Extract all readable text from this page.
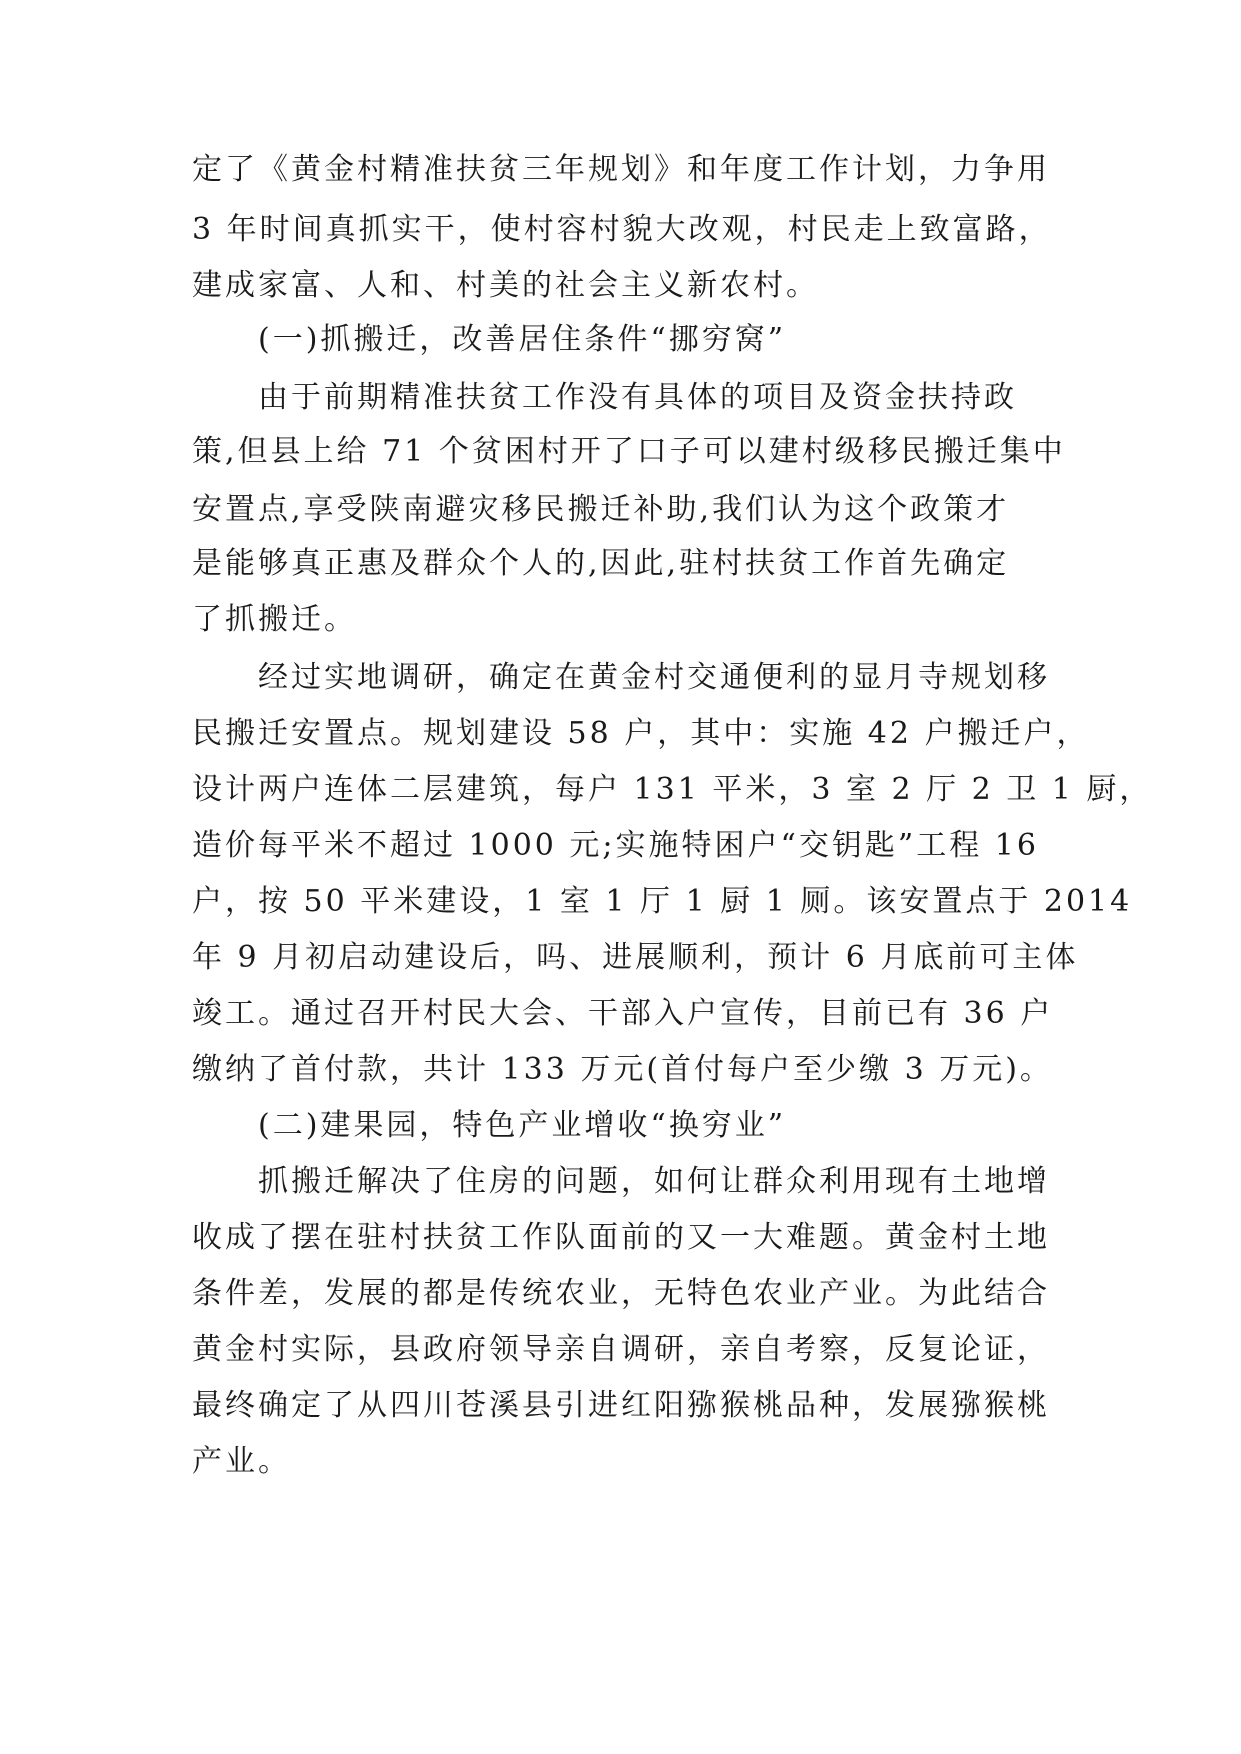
定了《黄金村精准扶贫三年规划》和年度工作计划，力争用
3 年时间真抓实干，使村容村貌大改观，村民走上致富路，
建成家富、人和、村美的社会主义新农村。
(一)抓搬迁，改善居住条件“挪穷窝”
由于前期精准扶贫工作没有具体的项目及资金扶持政
策,但县上给 71 个贫困村开了口子可以建村级移民搬迁集中
安置点,享受陕南避灾移民搬迁补助,我们认为这个政策才
是能够真正惠及群众个人的,因此,驻村扶贫工作首先确定
了抓搬迁。
经过实地调研，确定在黄金村交通便利的显月寺规划移
民搬迁安置点。规划建设 58 户，其中：实施 42 户搬迁户，
设计两户连体二层建筑，每户 131 平米，3 室 2 厅 2 卫 1 厨，
造价每平米不超过 1000 元;实施特困户“交钥匙”工程 16
户，按 50 平米建设，1 室 1 厅 1 厨 1 厕。该安置点于 2014
年 9 月初启动建设后，吗、进展顺利，预计 6 月底前可主体
竣工。通过召开村民大会、干部入户宣传，目前已有 36 户
缴纳了首付款，共计 133 万元(首付每户至少缴 3 万元)。
(二)建果园，特色产业增收“换穷业”
抓搬迁解决了住房的问题，如何让群众利用现有土地增
收成了摆在驻村扶贫工作队面前的又一大难题。黄金村土地
条件差，发展的都是传统农业，无特色农业产业。为此结合
黄金村实际，县政府领导亲自调研，亲自考察，反复论证，
最终确定了从四川苍溪县引进红阳猕猴桃品种，发展猕猴桃
产业。
